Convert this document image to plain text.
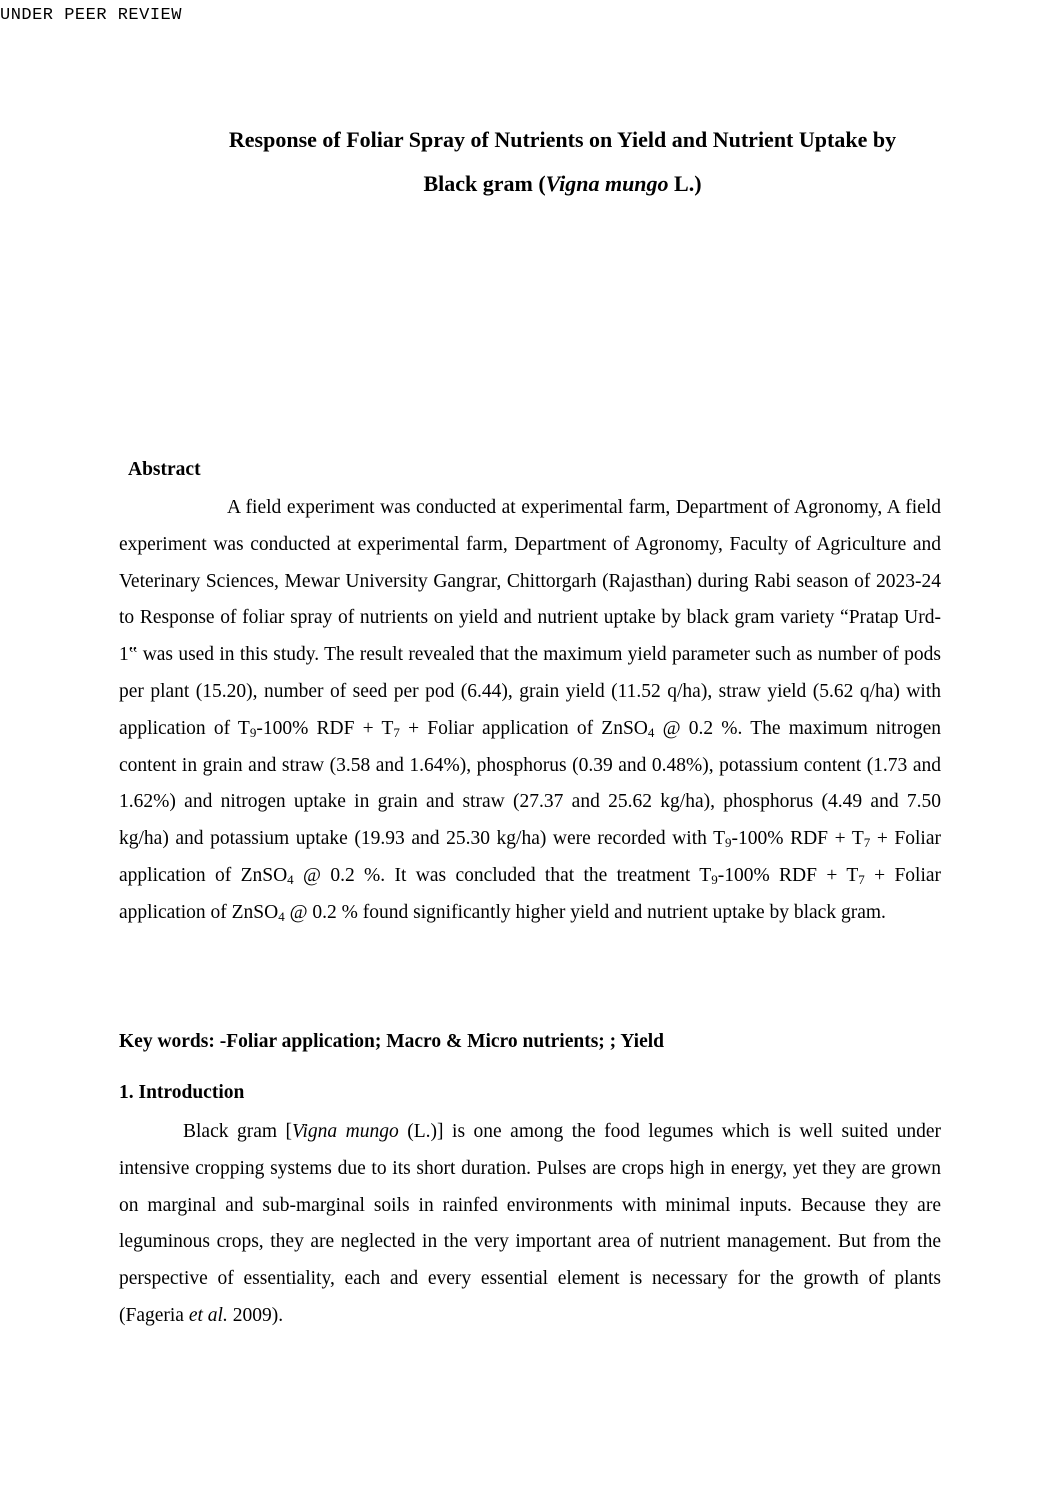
UNDER PEER REVIEW
Response of Foliar Spray of Nutrients on Yield and Nutrient Uptake by
Black gram (Vigna mungo L.)
Abstract
A field experiment was conducted at experimental farm, Department of Agronomy, A field experiment was conducted at experimental farm, Department of Agronomy, Faculty of Agriculture and Veterinary Sciences, Mewar University Gangrar, Chittorgarh (Rajasthan) during Rabi season of 2023-24 to Response of foliar spray of nutrients on yield and nutrient uptake by black gram variety “Pratap Urd-1‟ was used in this study. The result revealed that the maximum yield parameter such as number of pods per plant (15.20), number of seed per pod (6.44), grain yield (11.52 q/ha), straw yield (5.62 q/ha) with application of $T_9-100\%$ RDF + $T_7$ + Foliar application of ZnSO$_4$ @ 0.2 %. The maximum nitrogen content in grain and straw (3.58 and 1.64%), phosphorus (0.39 and 0.48%), potassium content (1.73 and 1.62%) and nitrogen uptake in grain and straw (27.37 and 25.62 kg/ha), phosphorus (4.49 and 7.50 kg/ha) and potassium uptake (19.93 and 25.30 kg/ha) were recorded with $T_9-100\%$ RDF + $T_7$ + Foliar application of ZnSO$_4$ @ 0.2 %. It was concluded that the treatment $T_9-100\%$ RDF + $T_7$ + Foliar application of ZnSO$_4$ @ 0.2 % found significantly higher yield and nutrient uptake by black gram.
Key words: -Foliar application; Macro & Micro nutrients; ; Yield
1. Introduction
Black gram [Vigna mungo (L.)] is one among the food legumes which is well suited under intensive cropping systems due to its short duration. Pulses are crops high in energy, yet they are grown on marginal and sub-marginal soils in rainfed environments with minimal inputs. Because they are leguminous crops, they are neglected in the very important area of nutrient management. But from the perspective of essentiality, each and every essential element is necessary for the growth of plants (Fageria et al. 2009).
